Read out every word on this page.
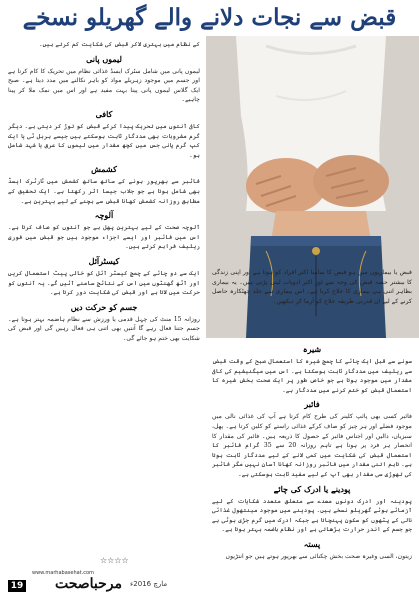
قبض سے نجات دلانے والے گھریلو نسخے

قبض یا بیماریوں میں ہو قبض کا سامنا اکثر افراد کو ہوتا ہے اور اپنی زندگی کا بیشتر حصہ قبض کی وجہ سے اور اکثر ادویات لینی پڑتی ہیں۔ یہ بیماری بظاہر اتنی ہی بیماری کا علاج کرنا ہے۔ اس بیماری سے جلد چھٹکارہ حاصل کرنے کے لیے ان قدرتی طریقہ علاج کو آزما کر دیکھیں۔

شیرہ

سونے سے قبل ایک چائے کا چمچ شیرہ کا استعمال صبح کے وقت قبض سے ریلیف میں مددگار ثابت ہوسکتا ہے۔ اس میں میگنیشیم کی کافی مقدار میں موجود ہوتا ہے جو خاص طور پر ایک صحت بخش شیرہ کا استعمال قبض کو ختم کرنے میں مددگار ہے۔

فائبر

فائبر کسی بھی پائپ کلینر کی طرح کام کرتا ہے آپ کی غذائی نالی میں موجود فضلے اور ہر چیز کو صاف کرکے غذائی راستے کو کلین کرتا ہے۔ پھل، سبزیاں، دالیں اور اجناس فائبر کے حصول کا ذریعہ ہیں۔ فائبر کی مقدار کا انحصار ہر فرد پر ہوتا ہے تاہم روزانہ 20 سے 35 گرام فائبر کا استعمال قبض کی شکایت میں کمی لانے کے لیے مددگار ثابت ہوتا ہے۔ تاہم اتنی مقدار میں فائبر روزانہ کھانا آسان نہیں مگر فائبر کی تھوڑی سی مقدار بھی آپ کے لیے مفید ثابت ہوسکتی ہے۔

پودینے یا ادرک کی چائے

پودینہ اور ادرک دونوں معدے سے متعلق متعدد شکایات کے لیے آزمائے ہوئے گھریلو نسخے ہیں۔ پودینے میں موجود مینتھول غذائی نالی کے پٹھوں کو سکون پہنچاتا ہے جبکہ ادرک میں گرم جڑی بوٹی ہے جو جسم کے اندر حرارت بڑھاتی ہے اور نظام ہاضمہ بہتر ہوتا ہے۔

پستہ

زیتون، السی وغیرہ صحت بخش چکنائی سے بھرپور ہوتے ہیں جو انتڑیوں

کے نظام میں بہتری لاکر قبض کی شکایت کم کرتے ہیں۔

لیموں پانی

لیموں پانی میں شامل سٹرک ایسڈ غذائی نظام میں تحریک کا کام کرتا ہے اور جسم میں موجود زہریلے مواد کو باہر نکالنے میں مدد دیتا ہے۔ صبح ایک گلاس لیموں پانی پینا بہت مفید ہے اور اس میں نمک ملا کر پینا چاہیے۔

کافی

کافی آنتوں میں تحریک پیدا کرکے قبض کو توڑ کر دیتی ہے۔ دیگر گرم مشروبات بھی مددگار ثابت ہوسکتے ہیں جیسے ہربل ٹی یا ایک کپ گرم پانی جس میں کچھ مقدار میں لیموں کا عرق یا شہد شامل ہو۔

کشمش

فائبر سے بھرپور ہونے کے ساتھ ساتھ کشمش میں ٹارٹرک ایسڈ بھی شامل ہوتا ہے جو جلاب جیسا اثر رکھتا ہے۔ ایک تحقیق کے مطابق روزانہ کشمش کھانا قبض سے بچنے کے لیے بہترین ہے۔

آلوچہ

آلوچہ صحت کے لیے بہترین پھل ہے جو آنتوں کو صاف کرتا ہے۔ اس میں فائبر اور ایسے اجزاء موجود ہیں جو قبض میں فوری ریلیف فراہم کرتے ہیں۔

کیسٹرآئل

ایک سے دو چائے کے چمچ کیسٹر آئل کو خالی پیٹ استعمال کریں اور آٹھ گھنٹوں میں اس کے نتائج سامنے آئیں گے۔ یہ آنتوں کو حرکت میں لاتا ہے اور قبض کی شکایت دور کرتا ہے۔

جسم کو حرکت دیں

روزانہ 15 منٹ کی چہل قدمی یا ورزش سے نظام ہاضمہ بہتر ہوتا ہے۔ جسم جتنا فعال رہے گا آنتیں بھی اتنی ہی فعال رہیں گی اور قبض کی شکایت بھی ختم ہو جائے گی۔

☆☆☆☆
19
www.marhabasehat.com
مرحباصحت مارچ 2016ء
